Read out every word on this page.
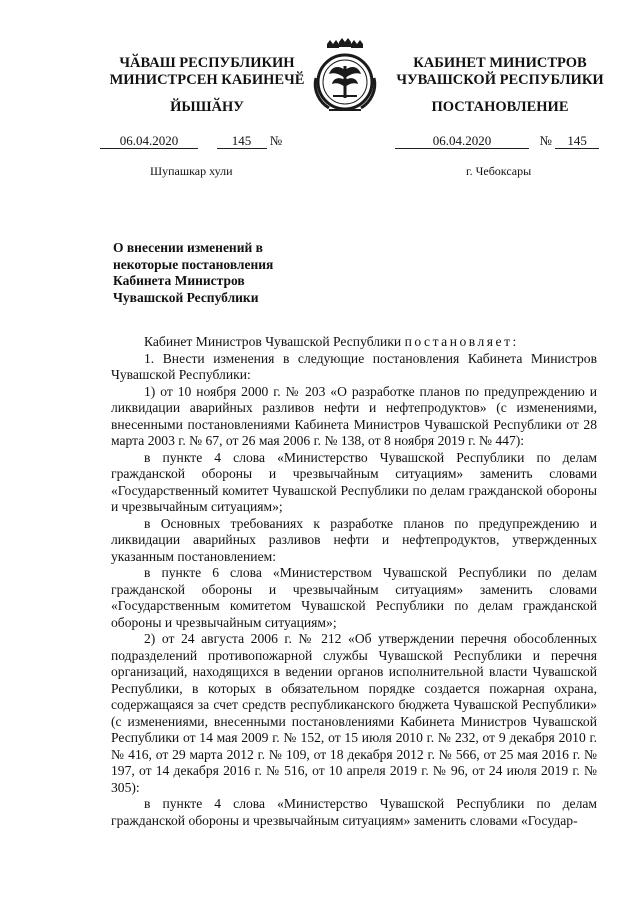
ЧӐВАШ РЕСПУБЛИКИН
МИНИСТРСЕН КАБИНЕЧӖ
КАБИНЕТ МИНИСТРОВ
ЧУВАШСКОЙ РЕСПУБЛИКИ
ЙЫШӐНУ	ПОСТАНОВЛЕНИЕ
06.04.2020	145 №	06.04.2020	№ 145
Шупашкар хули	г. Чебоксары
О внесении изменений в некоторые постановления Кабинета Министров Чувашской Республики

Кабинет Министров Чувашской Республики постановляет:

1. Внести изменения в следующие постановления Кабинета Министров Чувашской Республики:

1) от 10 ноября 2000 г. № 203 «О разработке планов по предупреждению и ликвидации аварийных разливов нефти и нефтепродуктов» (с изменениями, внесенными постановлениями Кабинета Министров Чувашской Республики от 28 марта 2003 г. № 67, от 26 мая 2006 г. № 138, от 8 ноября 2019 г. № 447):

в пункте 4 слова «Министерство Чувашской Республики по делам гражданской обороны и чрезвычайным ситуациям» заменить словами «Государственный комитет Чувашской Республики по делам гражданской обороны и чрезвычайным ситуациям»;

в Основных требованиях к разработке планов по предупреждению и ликвидации аварийных разливов нефти и нефтепродуктов, утвержденных указанным постановлением:

в пункте 6 слова «Министерством Чувашской Республики по делам гражданской обороны и чрезвычайным ситуациям» заменить словами «Государственным комитетом Чувашской Республики по делам гражданской обороны и чрезвычайным ситуациям»;

2) от 24 августа 2006 г. № 212 «Об утверждении перечня обособленных подразделений противопожарной службы Чувашской Республики и перечня организаций, находящихся в ведении органов исполнительной власти Чувашской Республики, в которых в обязательном порядке создается пожарная охрана, содержащаяся за счет средств республиканского бюджета Чувашской Республики» (с изменениями, внесенными постановлениями Кабинета Министров Чувашской Республики от 14 мая 2009 г. № 152, от 15 июля 2010 г. № 232, от 9 декабря 2010 г. № 416, от 29 марта 2012 г. № 109, от 18 декабря 2012 г. № 566, от 25 мая 2016 г. № 197, от 14 декабря 2016 г. № 516, от 10 апреля 2019 г. № 96, от 24 июля 2019 г. № 305):

в пункте 4 слова «Министерство Чувашской Республики по делам гражданской обороны и чрезвычайным ситуациям» заменить словами «Государ-
